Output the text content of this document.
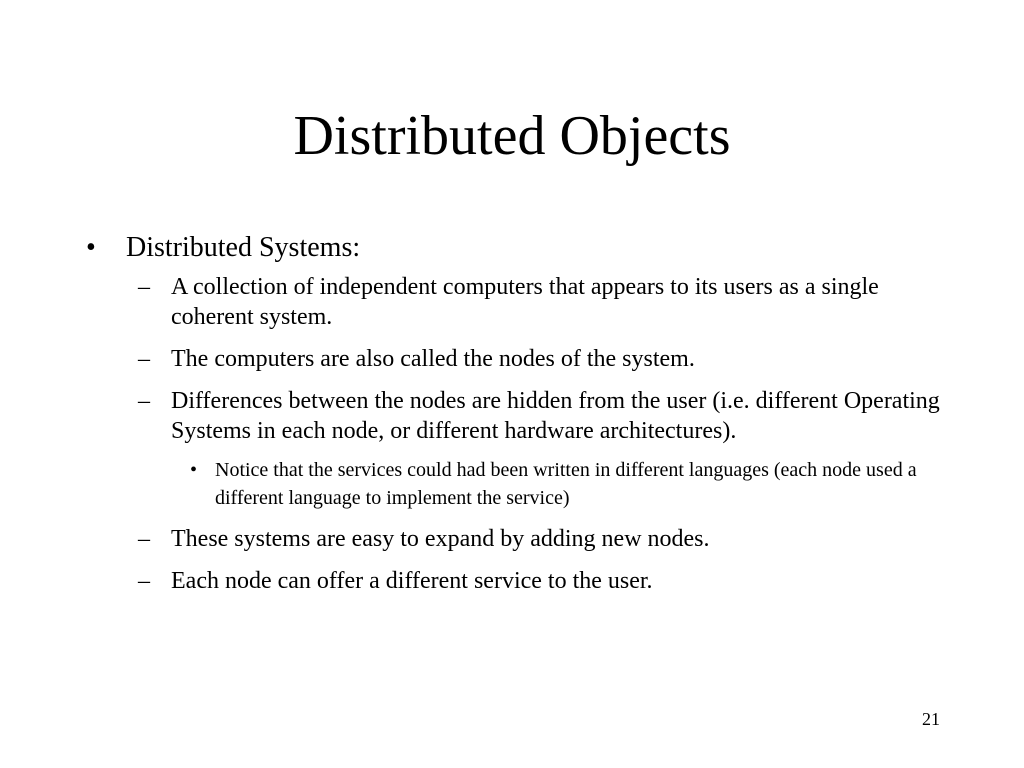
Distributed Objects
• Distributed Systems:
– A collection of independent computers that appears to its users as a single coherent system.
– The computers are also called the nodes of the system.
– Differences between the nodes are hidden from the user (i.e. different Operating Systems in each node, or different hardware architectures).
• Notice that the services could had been written in different languages (each node used a different language to implement the service)
– These systems are easy to expand by adding new nodes.
– Each node can offer a different service to the user.
21
